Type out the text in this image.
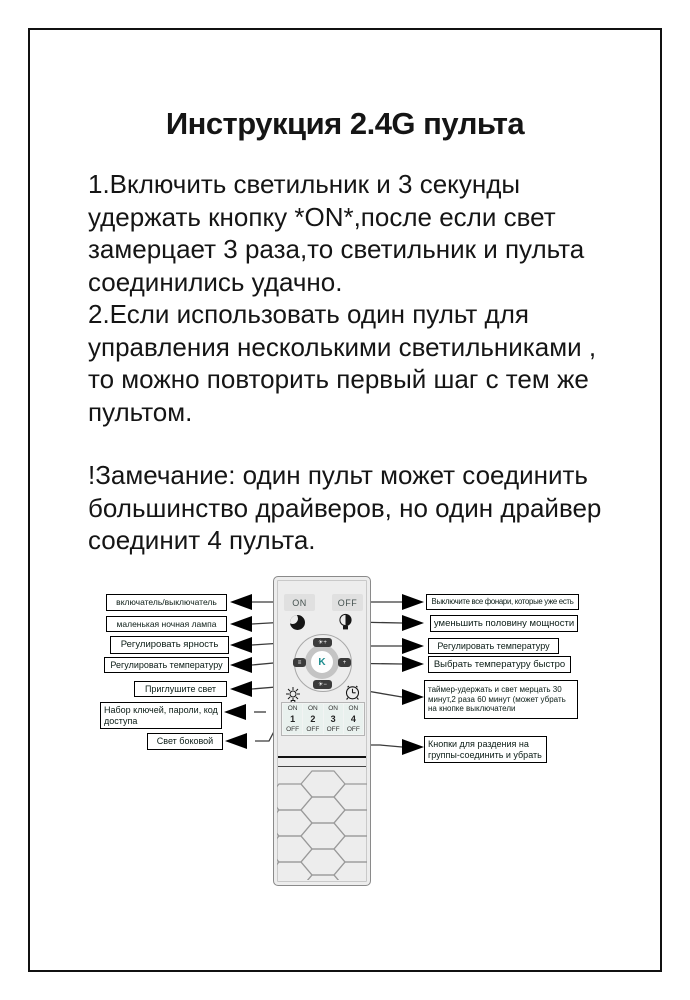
Инструкция 2.4G пульта

1.Включить светильник и 3 секунды удержать кнопку *ON*,после если свет замерцает 3 раза,то светильник и пульта соединились удачно.

2.Если использовать один пульт для управления несколькими светильниками , то можно повторить первый шаг с тем же пультом.

!Замечание: один пульт может соединить большинство драйверов, но один драйвер соединит 4 пульта.

ON	OFF
K
☀+
☀−
≡	+
ON
1
OFF
ON
2
OFF
ON
3
OFF
ON
4
OFF
включатель/выключатель
маленькая ночная лампа
Регулировать ярность
Регулировать температуру
Приглушите свет
Набор ключей, пароли, код доступа
Свет боковой
Выключите все фонари, которые уже есть
уменьшить половину мощности
Регулировать температуру
Выбрать температуру быстро
таймер-удержать и свет мерцать 30 минут,2 раза 60 минут (может убрать на кнопке выключатели
Кнопки для раздения на группы-соединить и убрать
